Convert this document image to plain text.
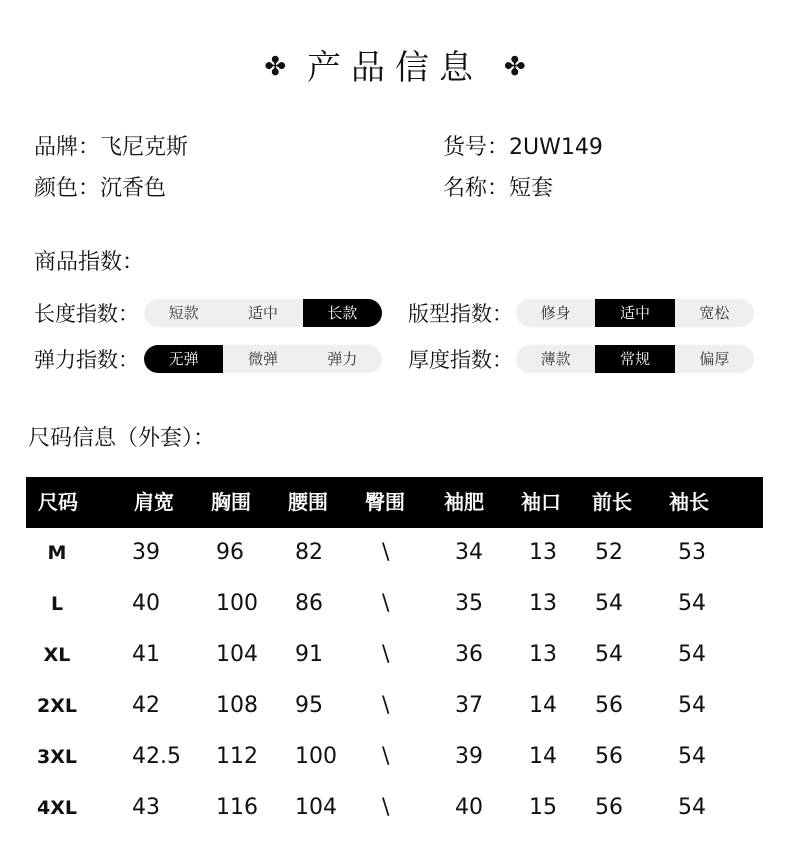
✤ 产品信息 ✤
品牌：飞尼克斯	货号：2UW149
颜色：沉香色	名称：短套
商品指数：
长度指数：	短款	适中	长款	版型指数：	修身	适中	宽松
弹力指数：	无弹	微弹	弹力	厚度指数：	薄款	常规	偏厚
尺码信息（外套）：
尺码	肩宽 胸围 腰围 臀围 袖肥 袖口 前长 袖长
M	39	96 82	\	34 13 52	53
L	40	100 86	\	35 13 54	54
XL	41	104 91	\	36 13 54	54
2XL	42	108 95	\	37 14 56	54
3XL	42.5 112 100 \	39 14 56	54
4XL	43	116 104 \	40 15 56	54
